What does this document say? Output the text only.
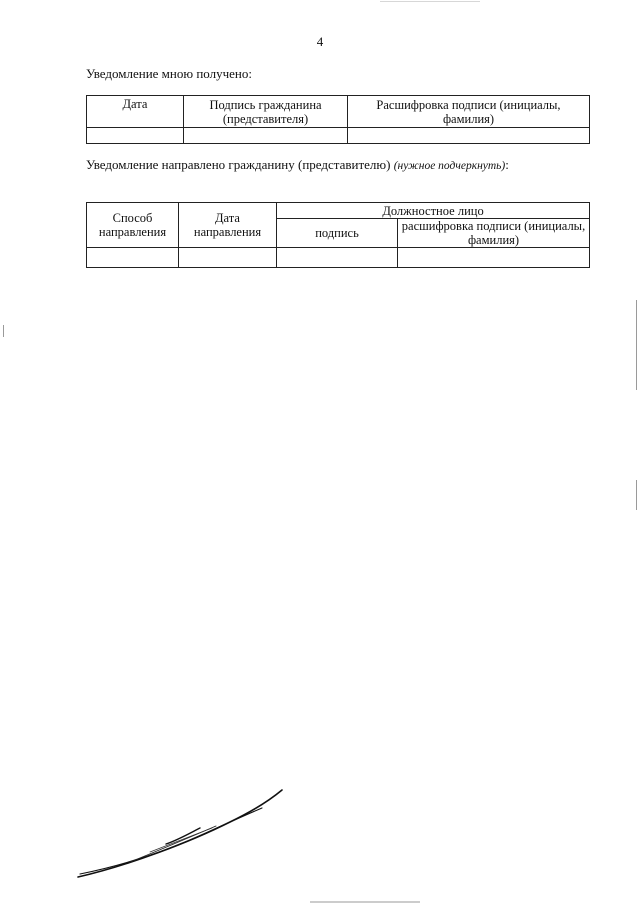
4
Уведомление мною получено:
Дата	Подпись гражданина (представителя)	Расшифровка подписи (инициалы, фамилия)

Уведомление направлено гражданину (представителю) (нужное подчеркнуть):
Способ направления	Дата направления	Должностное лицо	
		подпись	расшифровка подписи (инициалы, фамилия)
